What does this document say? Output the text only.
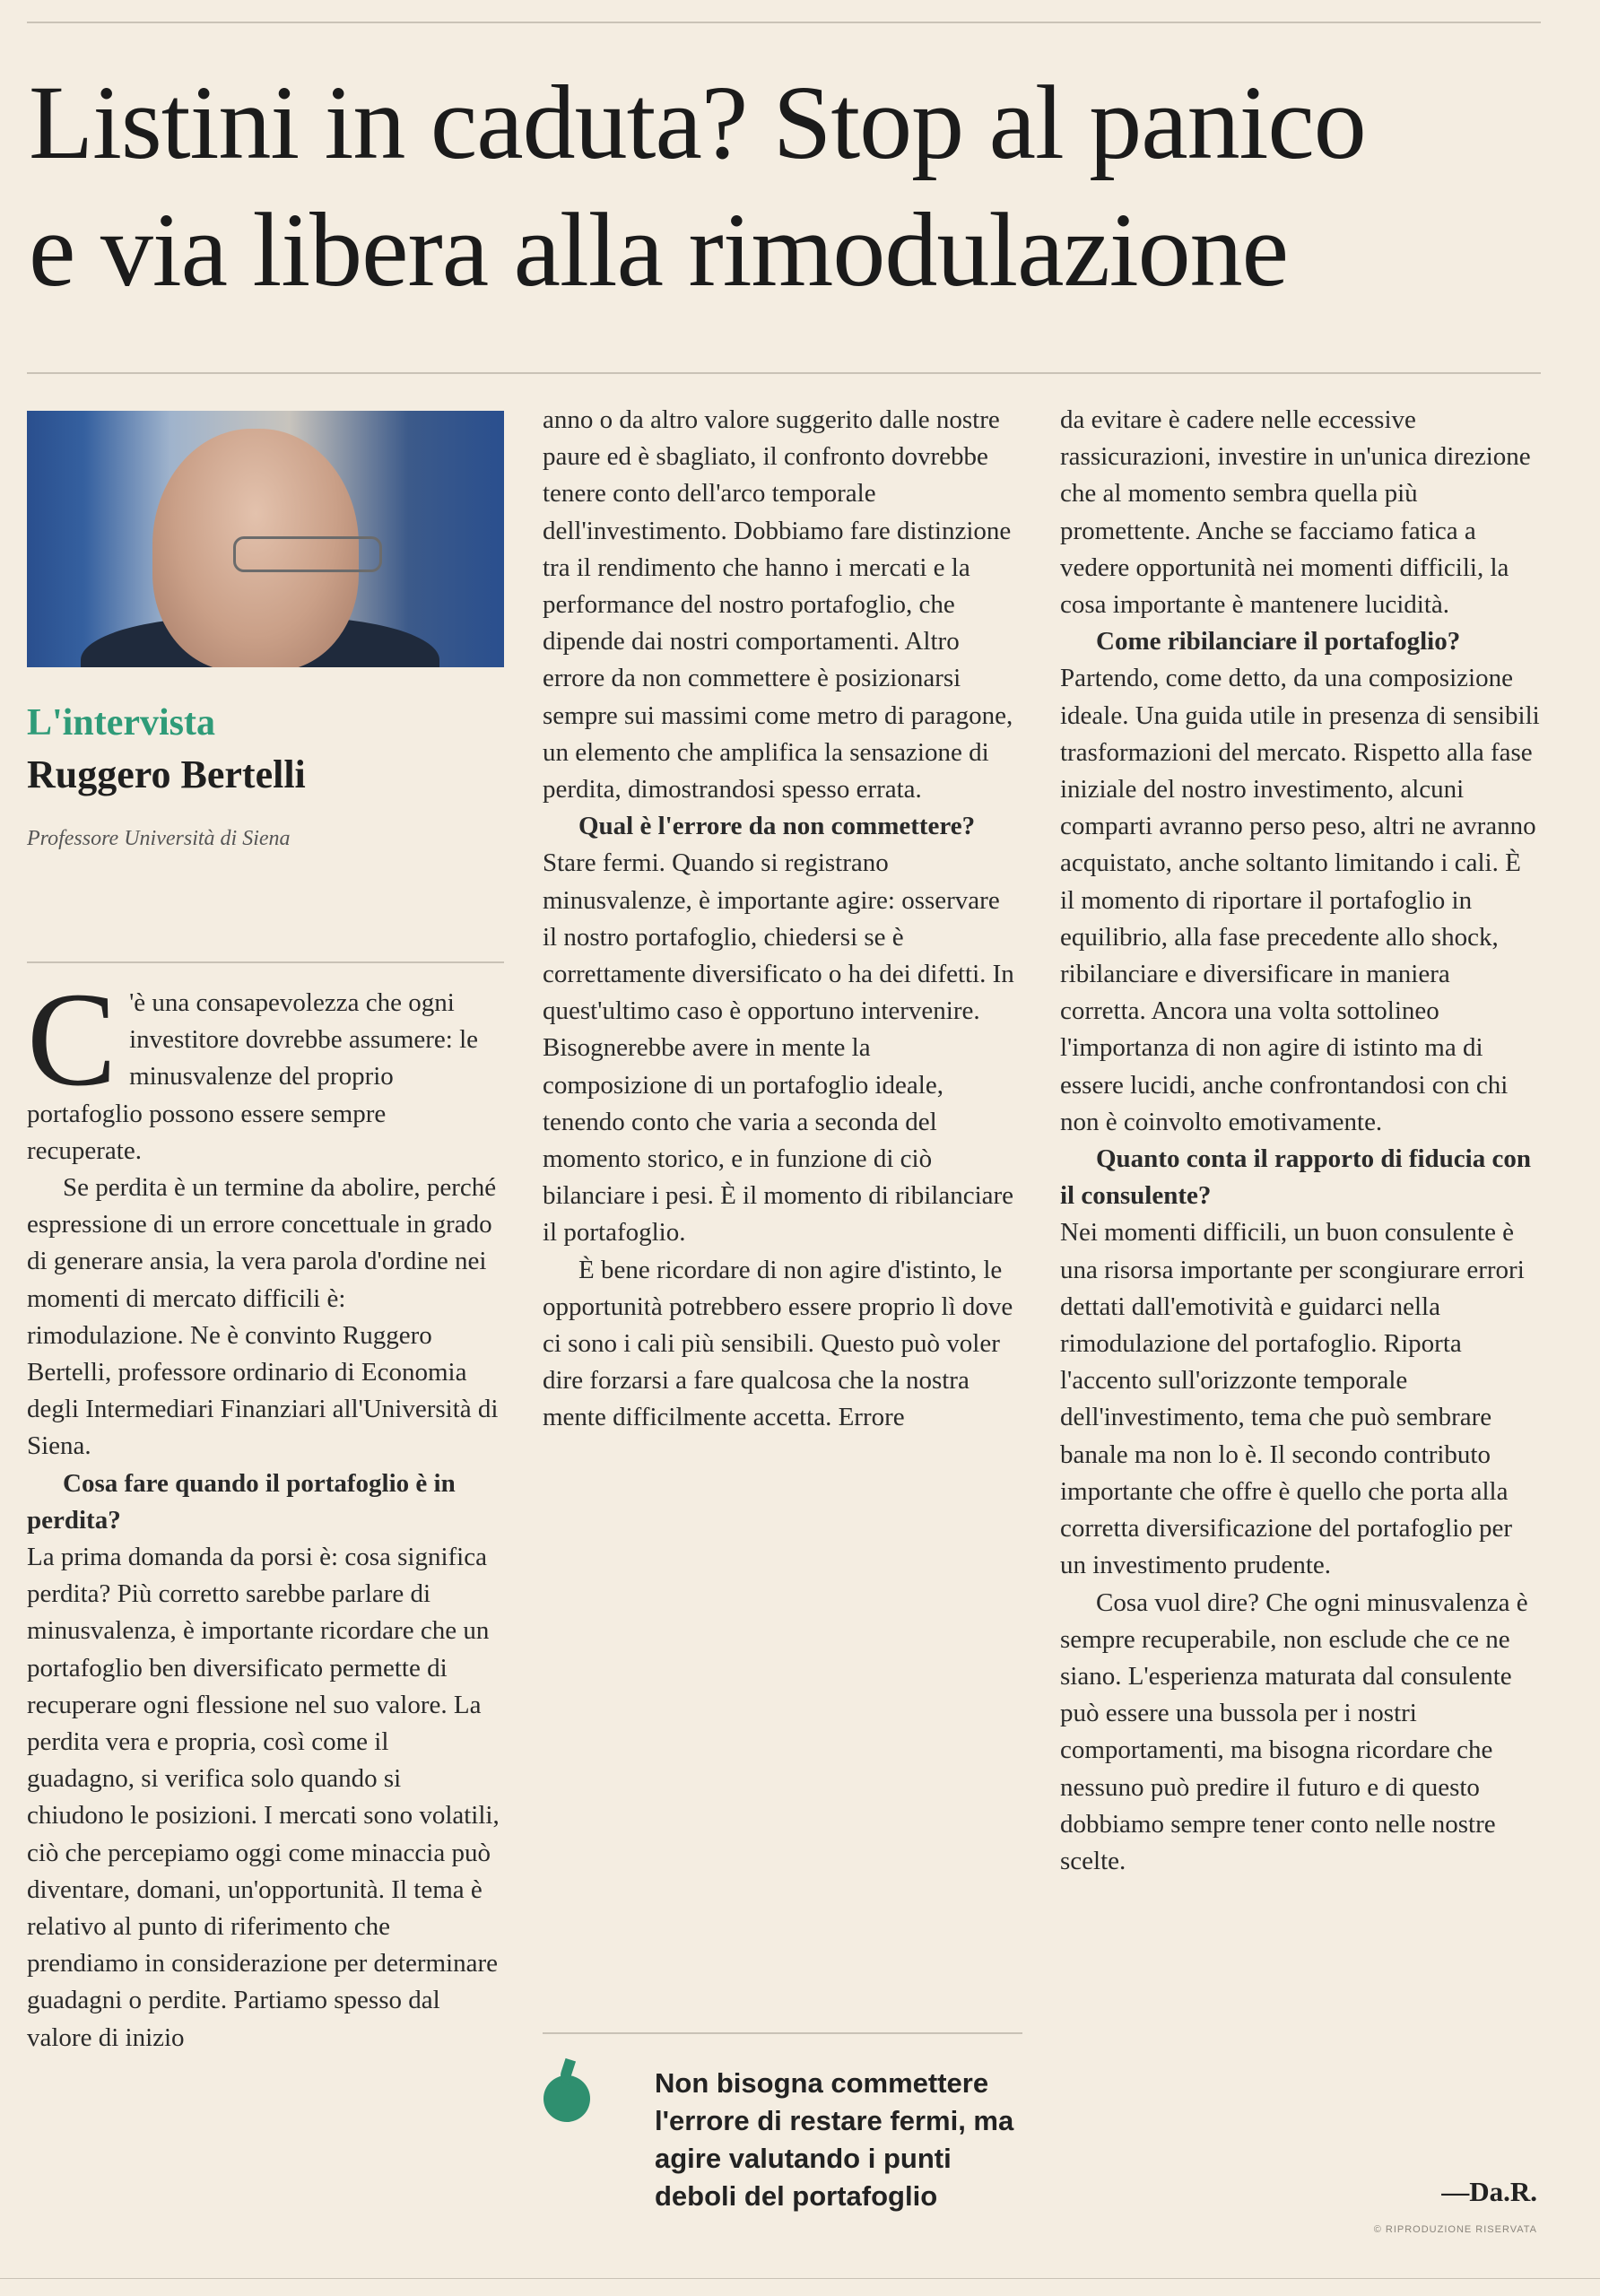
Listini in caduta? Stop al panico
e via libera alla rimodulazione
L'intervista
Ruggero Bertelli
Professore Università di Siena

C 'è una consapevolezza che ogni investitore dovrebbe assumere: le minusvalenze del proprio portafoglio possono essere sempre recuperate.

Se perdita è un termine da abolire, perché espressione di un errore concettuale in grado di generare ansia, la vera parola d'ordine nei momenti di mercato difficili è: rimodulazione. Ne è convinto Ruggero Bertelli, professore ordinario di Economia degli Intermediari Finanziari all'Università di Siena.

Cosa fare quando il portafoglio è in perdita?

La prima domanda da porsi è: cosa significa perdita? Più corretto sarebbe parlare di minusvalenza, è importante ricordare che un portafoglio ben diversificato permette di recuperare ogni flessione nel suo valore. La perdita vera e propria, così come il guadagno, si verifica solo quando si chiudono le posizioni. I mercati sono volatili, ciò che percepiamo oggi come minaccia può diventare, domani, un'opportunità. Il tema è relativo al punto di riferimento che prendiamo in considerazione per determinare guadagni o perdite. Partiamo spesso dal valore di inizio

anno o da altro valore suggerito dalle nostre paure ed è sbagliato, il confronto dovrebbe tenere conto dell'arco temporale dell'investimento. Dobbiamo fare distinzione tra il rendimento che hanno i mercati e la performance del nostro portafoglio, che dipende dai nostri comportamenti. Altro errore da non commettere è posizionarsi sempre sui massimi come metro di paragone, un elemento che amplifica la sensazione di perdita, dimostrandosi spesso errata.

Qual è l'errore da non commettere?

Stare fermi. Quando si registrano minusvalenze, è importante agire: osservare il nostro portafoglio, chiedersi se è correttamente diversificato o ha dei difetti. In quest'ultimo caso è opportuno intervenire. Bisognerebbe avere in mente la composizione di un portafoglio ideale, tenendo conto che varia a seconda del momento storico, e in funzione di ciò bilanciare i pesi. È il momento di ribilanciare il portafoglio.

È bene ricordare di non agire d'istinto, le opportunità potrebbero essere proprio lì dove ci sono i cali più sensibili. Questo può voler dire forzarsi a fare qualcosa che la nostra mente difficilmente accetta. Errore

Non bisogna commettere l'errore di restare fermi, ma agire valutando i punti deboli del portafoglio

da evitare è cadere nelle eccessive rassicurazioni, investire in un'unica direzione che al momento sembra quella più promettente. Anche se facciamo fatica a vedere opportunità nei momenti difficili, la cosa importante è mantenere lucidità.

Come ribilanciare il portafoglio?

Partendo, come detto, da una composizione ideale. Una guida utile in presenza di sensibili trasformazioni del mercato. Rispetto alla fase iniziale del nostro investimento, alcuni comparti avranno perso peso, altri ne avranno acquistato, anche soltanto limitando i cali. È il momento di riportare il portafoglio in equilibrio, alla fase precedente allo shock, ribilanciare e diversificare in maniera corretta. Ancora una volta sottolineo l'importanza di non agire di istinto ma di essere lucidi, anche confrontandosi con chi non è coinvolto emotivamente.

Quanto conta il rapporto di fiducia con il consulente?

Nei momenti difficili, un buon consulente è una risorsa importante per scongiurare errori dettati dall'emotività e guidarci nella rimodulazione del portafoglio. Riporta l'accento sull'orizzonte temporale dell'investimento, tema che può sembrare banale ma non lo è. Il secondo contributo importante che offre è quello che porta alla corretta diversificazione del portafoglio per un investimento prudente.

Cosa vuol dire? Che ogni minusvalenza è sempre recuperabile, non esclude che ce ne siano. L'esperienza maturata dal consulente può essere una bussola per i nostri comportamenti, ma bisogna ricordare che nessuno può predire il futuro e di questo dobbiamo sempre tener conto nelle nostre scelte.

—Da.R.
© RIPRODUZIONE RISERVATA
